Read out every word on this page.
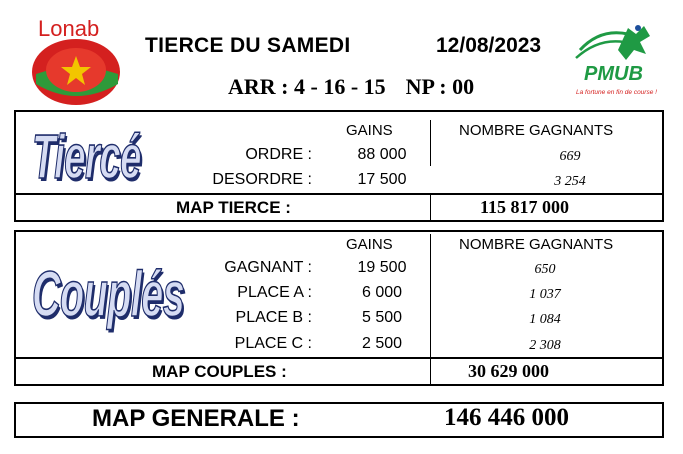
Lonab
TIERCE DU SAMEDI	12/08/2023
ARR : 4 - 16 - 15 NP : 00	PMUB
La fortune en fin de course !
Tiercé	GAINS	NOMBRE GAGNANTS
ORDRE :	88 000	669
DESORDRE :	17 500	3 254
MAP TIERCE :	115 817 000
Couplés
GAINS	NOMBRE GAGNANTS
GAGNANT :	19 500	650
PLACE A :	6 000	1 037
PLACE B :	5 500	1 084
PLACE C :	2 500	2 308
MAP COUPLES :	30 629 000
MAP GENERALE :	146 446 000
